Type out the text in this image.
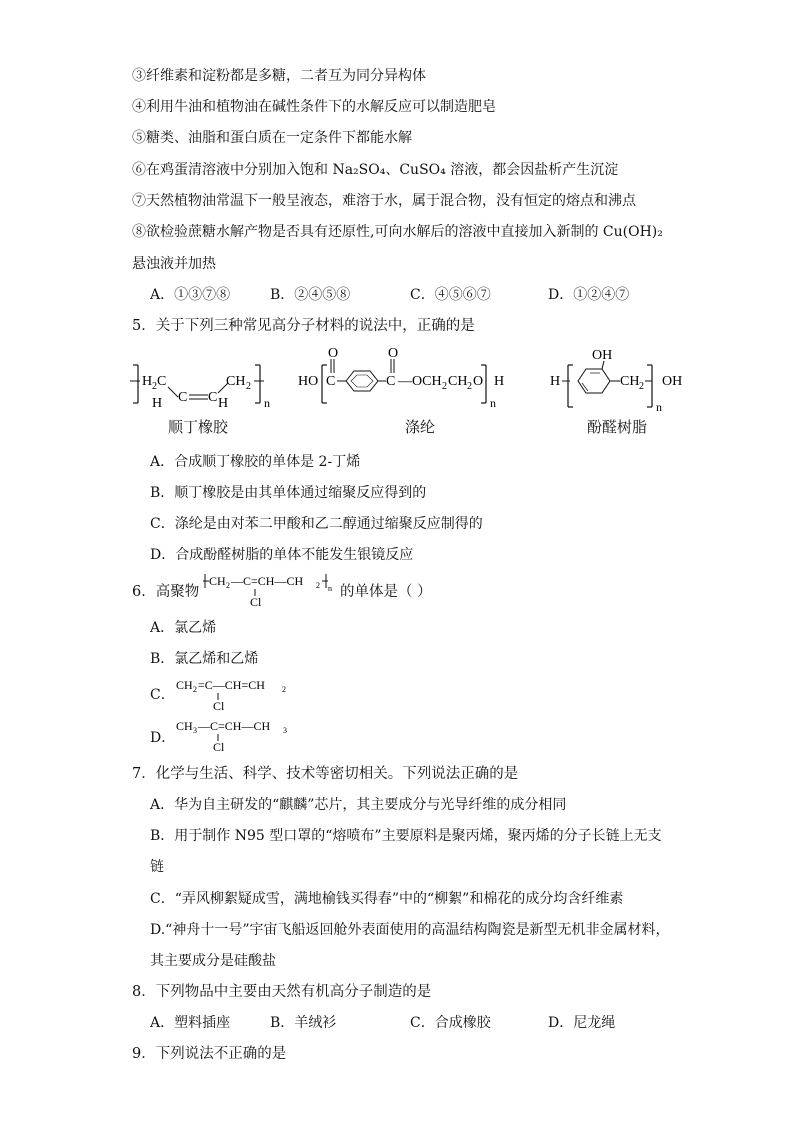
③纤维素和淀粉都是多糖，二者互为同分异构体
④利用牛油和植物油在碱性条件下的水解反应可以制造肥皂
⑤糖类、油脂和蛋白质在一定条件下都能水解
⑥在鸡蛋清溶液中分别加入饱和 Na₂SO₄、CuSO₄ 溶液，都会因盐析产生沉淀
⑦天然植物油常温下一般呈液态，难溶于水，属于混合物，没有恒定的熔点和沸点
⑧欲检验蔗糖水解产物是否具有还原性,可向水解后的溶液中直接加入新制的 Cu(OH)₂
悬浊液并加热
A．①③⑦⑧	B．②④⑤⑧	C．④⑤⑥⑦	D．①②④⑦
5．关于下列三种常见高分子材料的说法中，正确的是
H 2 C
H C C
CH 2
H	n
HO C
O
C
O
—OCH 2 CH 2 O
n
H	H
OH
CH 2
n
OH
顺丁橡胶	涤纶	酚醛树脂
A．合成顺丁橡胶的单体是 2-丁烯
B．顺丁橡胶是由其单体通过缩聚反应得到的
C．涤纶是由对苯二甲酸和乙二醇通过缩聚反应制得的
D．合成酚醛树脂的单体不能发生银镜反应
6．高聚物
CH 2 —C=CH—CH 2 n
Cl
的单体是（ ）
A．氯乙烯
B．氯乙烯和乙烯
C．
CH 2 =C—CH=CH 2
Cl
D．
CH 3 —C=CH—CH 3
Cl
7．化学与生活、科学、技术等密切相关。下列说法正确的是
A．华为自主研发的“麒麟”芯片，其主要成分与光导纤维的成分相同
B．用于制作 N95 型口罩的“熔喷布”主要原料是聚丙烯，聚丙烯的分子长链上无支
链
C．“弄风柳絮疑成雪，满地榆钱买得春”中的“柳絮”和棉花的成分均含纤维素
D.“神舟十一号”宇宙飞船返回舱外表面使用的高温结构陶瓷是新型无机非金属材料，
其主要成分是硅酸盐
8．下列物品中主要由天然有机高分子制造的是
A．塑料插座	B．羊绒衫	C．合成橡胶	D．尼龙绳
9．下列说法不正确的是
